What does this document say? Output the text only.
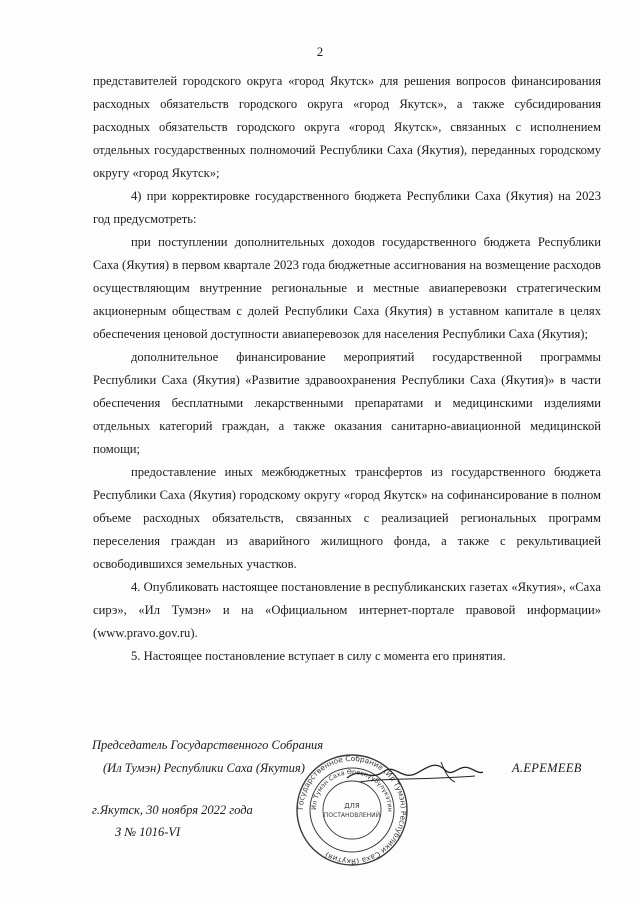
2

представителей городского округа «город Якутск» для решения вопросов финансирования расходных обязательств городского округа «город Якутск», а также субсидирования расходных обязательств городского округа «город Якутск», связанных с исполнением отдельных государственных полномочий Республики Саха (Якутия), переданных городскому округу «город Якутск»;

4) при корректировке государственного бюджета Республики Саха (Якутия) на 2023 год предусмотреть:

при поступлении дополнительных доходов государственного бюджета Республики Саха (Якутия) в первом квартале 2023 года бюджетные ассигнования на возмещение расходов осуществляющим внутренние региональные и местные авиаперевозки стратегическим акционерным обществам с долей Республики Саха (Якутия) в уставном капитале в целях обеспечения ценовой доступности авиаперевозок для населения Республики Саха (Якутия);

дополнительное финансирование мероприятий государственной программы Республики Саха (Якутия) «Развитие здравоохранения Республики Саха (Якутия)» в части обеспечения бесплатными лекарственными препаратами и медицинскими изделиями отдельных категорий граждан, а также оказания санитарно-авиационной медицинской помощи;

предоставление иных межбюджетных трансфертов из государственного бюджета Республики Саха (Якутия) городскому округу «город Якутск» на софинансирование в полном объеме расходных обязательств, связанных с реализацией региональных программ переселения граждан из аварийного жилищного фонда, а также с рекультивацией освободившихся земельных участков.

4. Опубликовать настоящее постановление в республиканских газетах «Якутия», «Саха сирэ», «Ил Тумэн» и на «Официальном интернет-портале правовой информации» (www.pravo.gov.ru).

5. Настоящее постановление вступает в силу с момента его принятия.

Председатель Государственного Собрания
(Ил Тумэн) Республики Саха (Якутия)	А.ЕРЕМЕЕВ
г.Якутск, 30 ноября 2022 года
З № 1016-VI
Государственное Собрание (Ил Тумэн) Республики Саха (Якутия)
Ил Тумэн Саха Өрөспүүбүлүкэтин
ДЛЯ
ПОСТАНОВЛЕНИЙ
